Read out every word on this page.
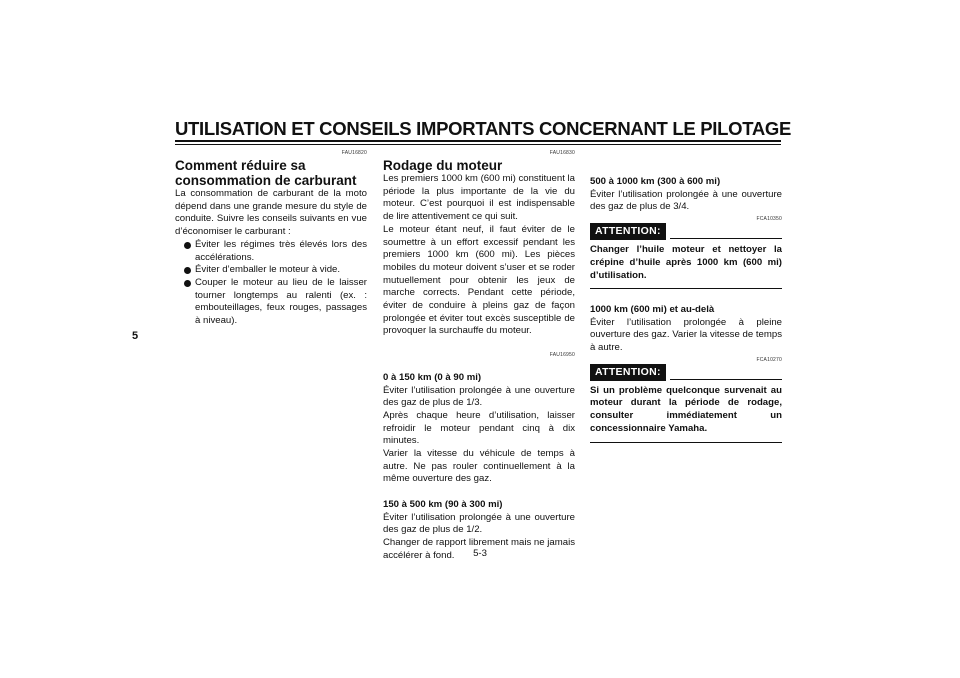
UTILISATION ET CONSEILS IMPORTANTS CONCERNANT LE PILOTAGE
5

FAU16820

Comment réduire sa consommation de carburant

La consommation de carburant de la moto dépend dans une grande mesure du style de conduite. Suivre les conseils suivants en vue d’économiser le carburant :

Éviter les régimes très élevés lors des accélérations.
Éviter d’emballer le moteur à vide.
Couper le moteur au lieu de le laisser tourner longtemps au ralenti (ex. : embouteillages, feux rouges, passages à niveau).

FAU16830

Rodage du moteur

Les premiers 1000 km (600 mi) constituent la période la plus importante de la vie du moteur. C’est pourquoi il est indispensable de lire attentivement ce qui suit.

Le moteur étant neuf, il faut éviter de le soumettre à un effort excessif pendant les premiers 1000 km (600 mi). Les pièces mobiles du moteur doivent s’user et se roder mutuellement pour obtenir les jeux de marche corrects. Pendant cette période, éviter de conduire à pleins gaz de façon prolongée et éviter tout excès susceptible de provoquer la surchauffe du moteur.

FAU16950

0 à 150 km (0 à 90 mi)

Éviter l’utilisation prolongée à une ouverture des gaz de plus de 1/3.

Après chaque heure d’utilisation, laisser refroidir le moteur pendant cinq à dix minutes.

Varier la vitesse du véhicule de temps à autre. Ne pas rouler continuellement à la même ouverture des gaz.

150 à 500 km (90 à 300 mi)

Éviter l’utilisation prolongée à une ouverture des gaz de plus de 1/2.

Changer de rapport librement mais ne jamais accélérer à fond.

500 à 1000 km (300 à 600 mi)

Éviter l’utilisation prolongée à une ouverture des gaz de plus de 3/4.

FCA10350

ATTENTION:

Changer l’huile moteur et nettoyer la crépine d’huile après 1000 km (600 mi) d’utilisation.

1000 km (600 mi) et au-delà

Éviter l’utilisation prolongée à pleine ouverture des gaz. Varier la vitesse de temps à autre.

FCA10270

ATTENTION:

Si un problème quelconque survenait au moteur durant la période de rodage, consulter immédiatement un concessionnaire Yamaha.

5-3
